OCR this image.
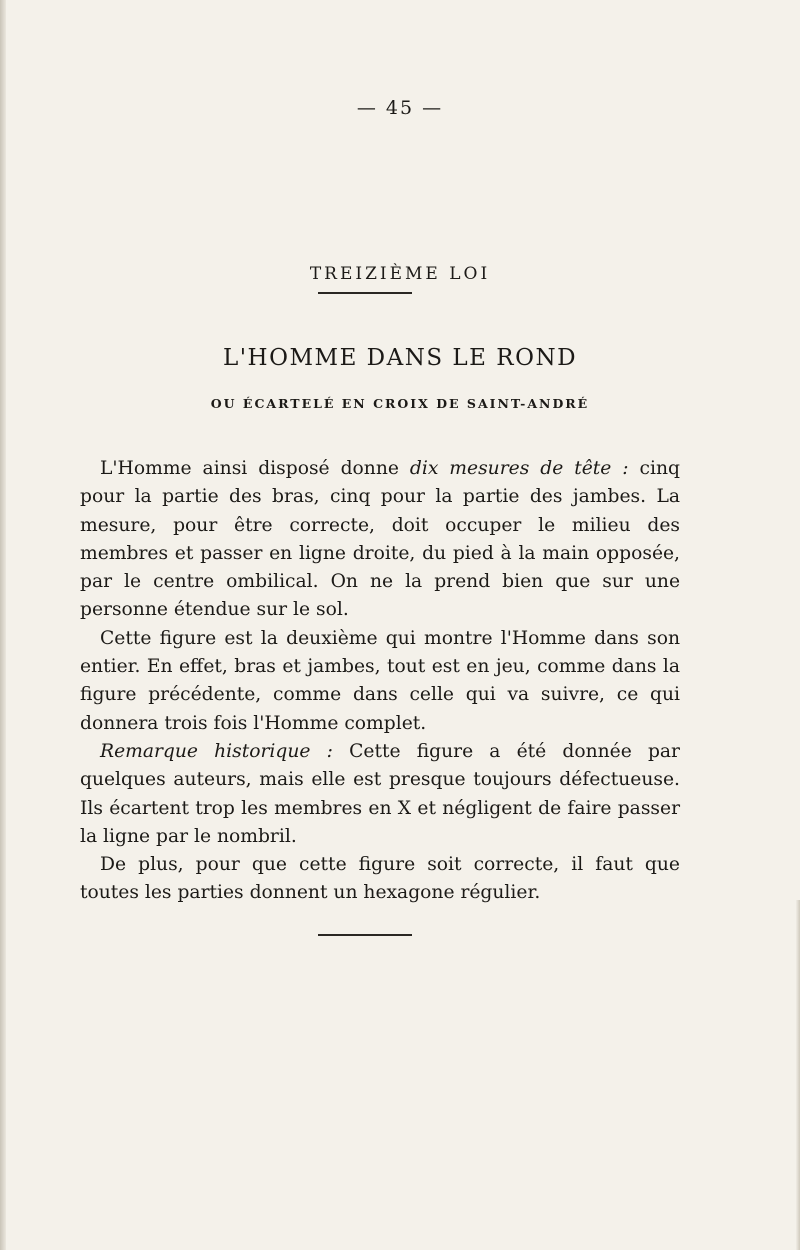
— 45 —
TREIZIÈME LOI
L'HOMME DANS LE ROND
OU ÉCARTELÉ EN CROIX DE SAINT-ANDRÉ

L'Homme ainsi disposé donne dix mesures de tête : cinq pour la partie des bras, cinq pour la partie des jambes. La mesure, pour être correcte, doit occuper le milieu des membres et passer en ligne droite, du pied à la main opposée, par le centre ombilical. On ne la prend bien que sur une personne étendue sur le sol.

Cette figure est la deuxième qui montre l'Homme dans son entier. En effet, bras et jambes, tout est en jeu, comme dans la figure précédente, comme dans celle qui va suivre, ce qui donnera trois fois l'Homme complet.

Remarque historique : Cette figure a été donnée par quelques auteurs, mais elle est presque toujours défectueuse. Ils écartent trop les membres en X et négligent de faire passer la ligne par le nombril.

De plus, pour que cette figure soit correcte, il faut que toutes les parties donnent un hexagone régulier.
